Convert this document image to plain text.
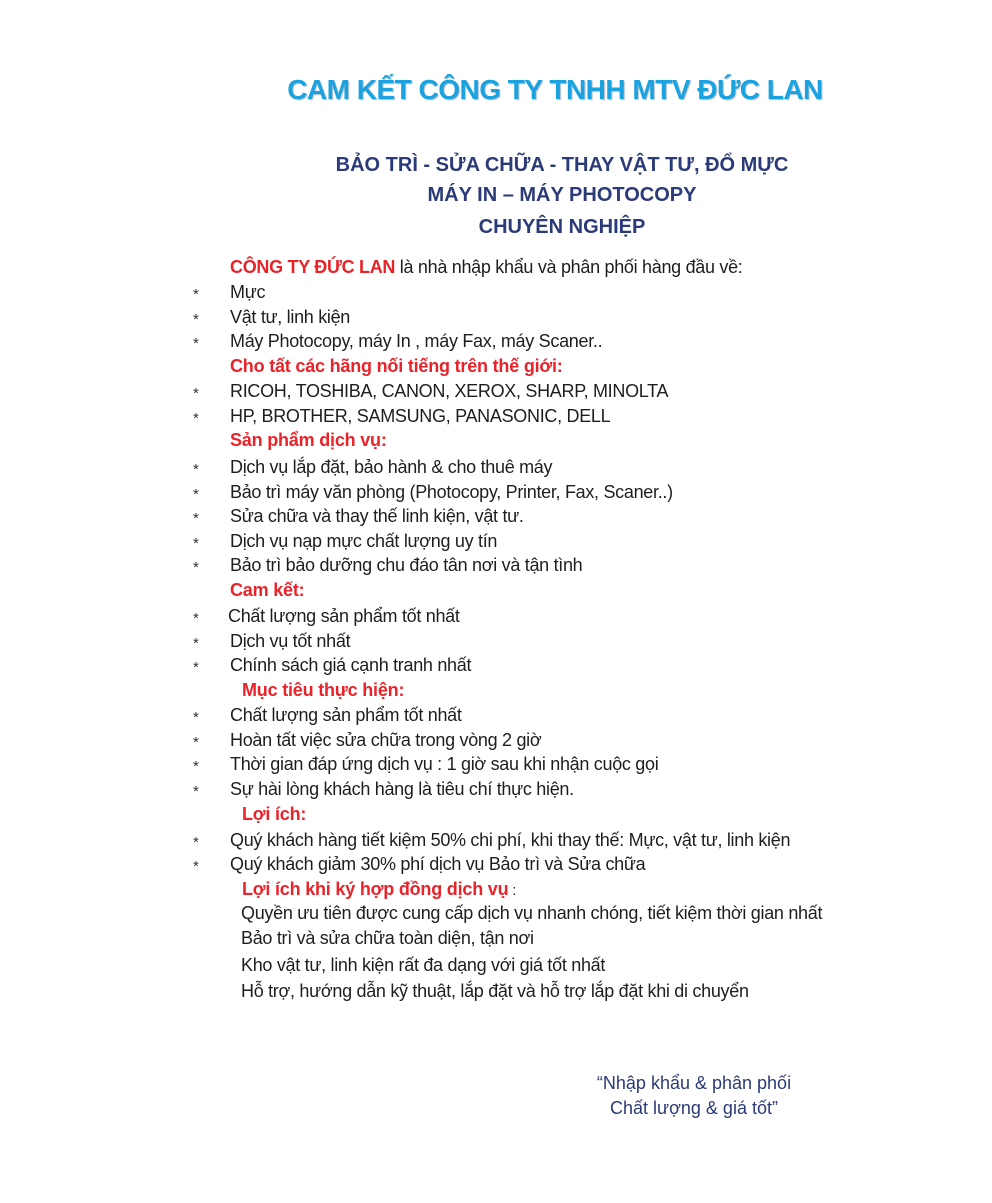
CAM KẾT CÔNG TY TNHH MTV ĐỨC LAN
BẢO TRÌ - SỬA CHỮA - THAY VẬT TƯ, ĐỔ MỰC
MÁY IN – MÁY PHOTOCOPY
CHUYÊN NGHIỆP
CÔNG TY ĐỨC LAN là nhà nhập khẩu và phân phối hàng đầu về:
* Mực
* Vật tư, linh kiện
* Máy Photocopy, máy In , máy Fax, máy Scaner..
Cho tất các hãng nối tiếng trên thế giới:
* RICOH, TOSHIBA, CANON, XEROX, SHARP, MINOLTA
* HP, BROTHER, SAMSUNG, PANASONIC, DELL
Sản phẩm dịch vụ:
* Dịch vụ lắp đặt, bảo hành & cho thuê máy
* Bảo trì máy văn phòng (Photocopy, Printer, Fax, Scaner..)
* Sửa chữa và thay thế linh kiện, vật tư.
* Dịch vụ nạp mực chất lượng uy tín
* Bảo trì bảo dưỡng chu đáo tân nơi và tận tình
Cam kết:
* Chất lượng sản phẩm tốt nhất
* Dịch vụ tốt nhất
* Chính sách giá cạnh tranh nhất
Mục tiêu thực hiện:
* Chất lượng sản phẩm tốt nhất
* Hoàn tất việc sửa chữa trong vòng 2 giờ
* Thời gian đáp ứng dịch vụ : 1 giờ sau khi nhận cuộc gọi
* Sự hài lòng khách hàng là tiêu chí thực hiện.
Lợi ích:
* Quý khách hàng tiết kiệm 50% chi phí, khi thay thế: Mực, vật tư, linh kiện
* Quý khách giảm 30% phí dịch vụ Bảo trì và Sửa chữa
Lợi ích khi ký hợp đồng dịch vụ :
Quyền ưu tiên được cung cấp dịch vụ nhanh chóng, tiết kiệm thời gian nhất
Bảo trì và sửa chữa toàn diện, tận nơi
Kho vật tư, linh kiện rất đa dạng với giá tốt nhất
Hỗ trợ, hướng dẫn kỹ thuật, lắp đặt và hỗ trợ lắp đặt khi di chuyển
“Nhập khẩu & phân phối
Chất lượng & giá tốt”
